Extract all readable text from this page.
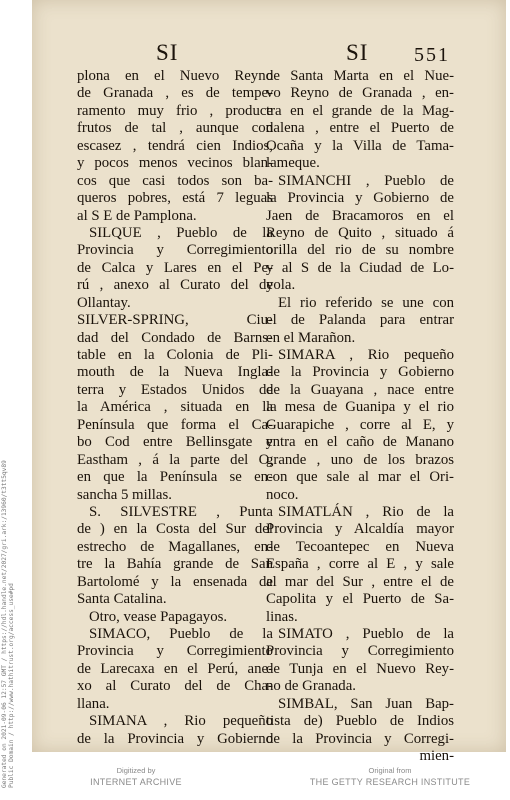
Generated on 2021-09-06 12:57 GMT / https://hdl.handle.net/2027/gri.ark:/13960/t3tt5qv89 Public Domain / http://www.hathitrust.org/access_use#pd
SI	SI 551
plona en el Nuevo Reyno
de Granada , es de tempe-
ramento muy frio , produce
frutos de tal , aunque con
escasez , tendrá cien Indios,
y pocos menos vecinos blan-
cos que casi todos son ba-
queros pobres, está 7 leguas
al S E de Pamplona.
SILQUE , Pueblo de la
Provincia y Corregimiento
de Calca y Lares en el Pe-
rú , anexo al Curato del de
Ollantay.
SILVER-SPRING, Ciu-
dad del Condado de Barns-
table en la Colonia de Pli-
mouth de la Nueva Ingla-
terra y Estados Unidos de
la América , situada en la
Península que forma el Ca-
bo Cod entre Bellinsgate y
Eastham , á la parte del O,
en que la Península se en-
sancha 5 millas.
S. SILVESTRE , Punta
de ) en la Costa del Sur del
estrecho de Magallanes, en-
tre la Bahía grande de San
Bartolomé y la ensenada de
Santa Catalina.
Otro, vease Papagayos.
SIMACO, Pueblo de la
Provincia y Corregimiento
de Larecaxa en el Perú, ane-
xo al Curato del de Cha-
llana.
SIMANA , Rio pequeño
de la Provincia y Gobierno
de Santa Marta en el Nue-
vo Reyno de Granada , en-
tra en el grande de la Mag-
dalena , entre el Puerto de
Ocaña y la Villa de Tama-
lameque.
SIMANCHI , Pueblo de
la Provincia y Gobierno de
Jaen de Bracamoros en el
Reyno de Quito , situado á
orilla del rio de su nombre
y al S de la Ciudad de Lo-
yola.
El rio referido se une con
el de Palanda para entrar
en el Marañon.
SIMARA , Rio pequeño
de la Provincia y Gobierno
de la Guayana , nace entre
la mesa de Guanipa y el rio
Guarapiche , corre al E, y
entra en el caño de Manano
grande , uno de los brazos
con que sale al mar el Ori-
noco.
SIMATLÁN , Rio de la
Provincia y Alcaldía mayor
de Tecoantepec en Nueva
España , corre al E , y sale
al mar del Sur , entre el de
Capolita y el Puerto de Sa-
linas.
SIMATO , Pueblo de la
Provincia y Corregimiento
de Tunja en el Nuevo Rey-
no de Granada.
SIMBAL, San Juan Bap-
tista de) Pueblo de Indios
de la Provincia y Corregi-
mien-
Digitized by
INTERNET ARCHIVE
Original from
THE GETTY RESEARCH INSTITUTE
